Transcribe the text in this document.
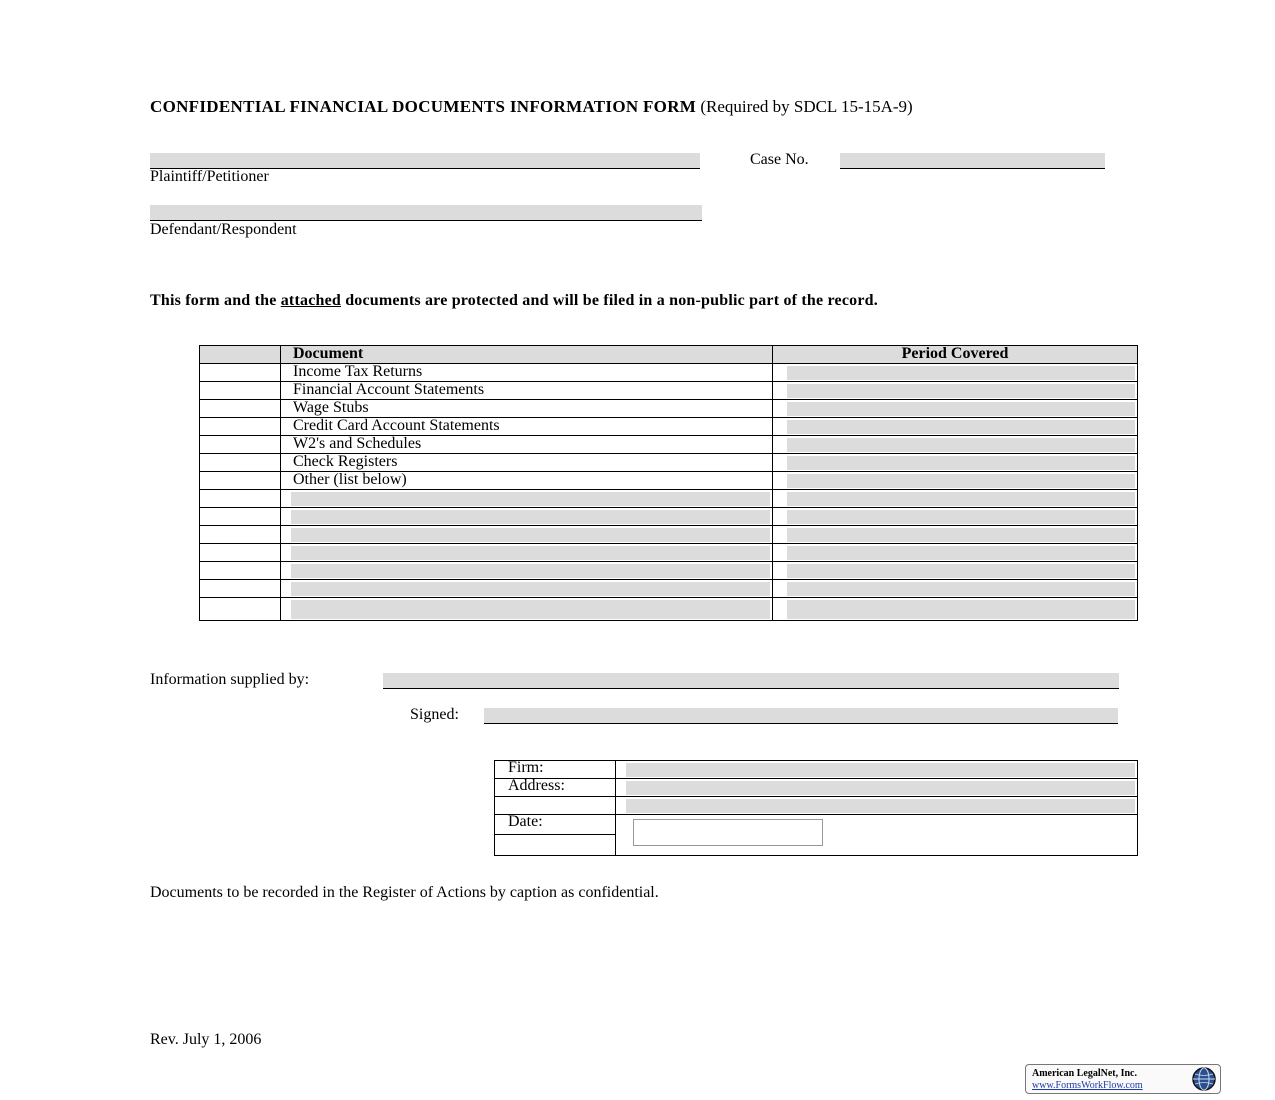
CONFIDENTIAL FINANCIAL DOCUMENTS INFORMATION FORM (Required by SDCL 15-15A-9)
Plaintiff/Petitioner
Case No.
Defendant/Respondent
This form and the attached documents are protected and will be filed in a non-public part of the record.
Document	Period Covered
Income Tax Returns
Financial Account Statements
Wage Stubs
Credit Card Account Statements
W2's and Schedules
Check Registers
Other (list below)
Information supplied by:
Signed:
Firm:
Address:
Date:
Documents to be recorded in the Register of Actions by caption as confidential.
Rev. July 1, 2006
American LegalNet, Inc.
www.FormsWorkFlow.com
